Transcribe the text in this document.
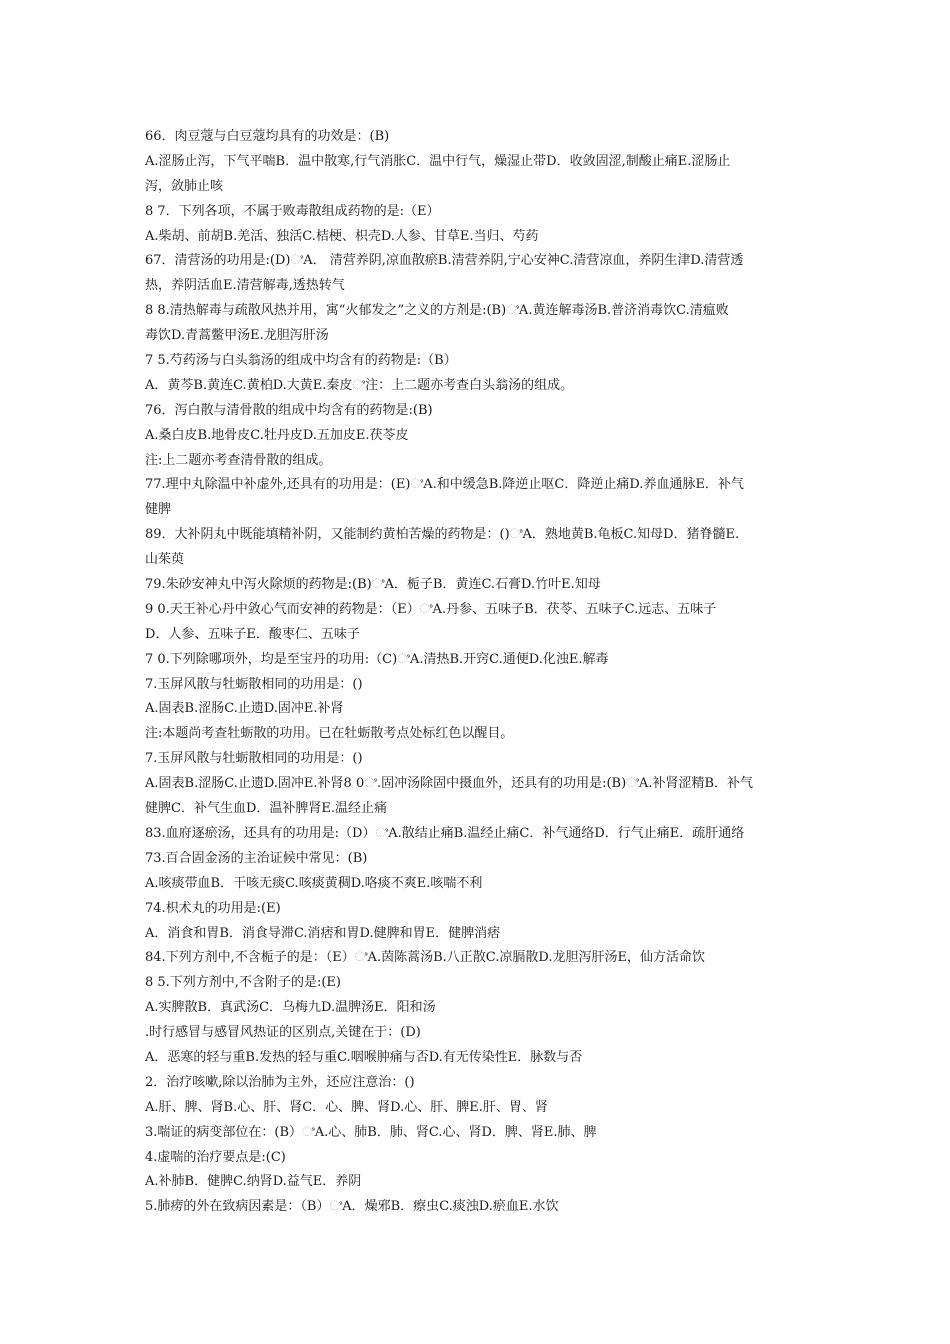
66．肉豆蔻与白豆蔻均具有的功效是：(B)
A.涩肠止泻，下气平喘B．温中散寒,行气消胀C．温中行气，燥湿止带D．收敛固涩,制酸止痛E.涩肠止
泻，敛肺止咳
8 7．下列各项，不属于败毒散组成药物的是:（E）
A.柴胡、前胡B.羌活、独活C.桔梗、枳壳D.人参、甘草E.当归、芍药
67．清营汤的功用是:(D)ಿA． 清营养阴,凉血散瘀B.清营养阴,宁心安神C.清营凉血，养阴生津D.清营透
热，养阴活血E.清营解毒,透热转气
8 8.清热解毒与疏散风热并用，寓“火郁发之”之义的方剂是:(B)ಿA.黄连解毒汤B.普济消毒饮C.清瘟败
毒饮D.青蒿鳖甲汤E.龙胆泻肝汤
7 5.芍药汤与白头翁汤的组成中均含有的药物是:（B）
A．黄芩B.黄连C.黄柏D.大黄E.秦皮ಿ注：上二题亦考查白头翁汤的组成。
76．泻白散与清骨散的组成中均含有的药物是:(B)
A.桑白皮B.地骨皮C.牡丹皮D.五加皮E.茯苓皮
注:上二题亦考查清骨散的组成。
77.理中丸除温中补虚外,还具有的功用是：(E)ಿA.和中缓急B.降逆止呕C．降逆止痛D.养血通脉E．补气
健脾
89．大补阴丸中既能填精补阴，又能制约黄柏苦燥的药物是：()ಿA．熟地黄B.龟板C.知母D．猪脊髓E.
山茱萸
79.朱砂安神丸中泻火除烦的药物是:(B)ಿA．栀子B．黄连C.石膏D.竹叶E.知母
9 0.天王补心丹中敛心气而安神的药物是：（E）ಿA.丹参、五味子B．茯苓、五味子C.远志、五味子
D．人参、五味子E．酸枣仁、五味子
7 0.下列除哪项外，均是至宝丹的功用:（C)ಿA.清热B.开窍C.通便D.化浊E.解毒
7.玉屏风散与牡蛎散相同的功用是：()
A.固表B.涩肠C.止遗D.固冲E.补肾
注:本题尚考查牡蛎散的功用。已在牡蛎散考点处标红色以醒目。
7.玉屏风散与牡蛎散相同的功用是：()
A.固表B.涩肠C.止遗D.固冲E.补肾8 0ಿ.固冲汤除固中摄血外，还具有的功用是:(B)ಿA.补肾涩精B．补气
健脾C．补气生血D．温补脾肾E.温经止痛
83.血府逐瘀汤，还具有的功用是:（D）ಿA.散结止痛B.温经止痛C．补气通络D．行气止痛E．疏肝通络
73.百合固金汤的主治证候中常见：(B)
A.咳痰带血B．干咳无痰C.咳痰黄稠D.咯痰不爽E.咳喘不利
74.枳术丸的功用是:(E)
A．消食和胃B．消食导滞C.消痞和胃D.健脾和胃E．健脾消痞
84.下列方剂中,不含栀子的是：（E）ಿA.茵陈蒿汤B.八正散C.凉膈散D.龙胆泻肝汤E，仙方活命饮
8 5.下列方剂中,不含附子的是:(E)
A.实脾散B．真武汤C．乌梅九D.温脾汤E．阳和汤
.时行感冒与感冒风热证的区别点,关键在于：(D)
A．恶寒的轻与重B.发热的轻与重C.咽喉肿痛与否D.有无传染性E．脉数与否
2．治疗咳嗽,除以治肺为主外，还应注意治：()
A.肝、脾、肾B.心、肝、肾C．心、脾、肾D.心、肝、脾E.肝、胃、肾
3.喘证的病变部位在：(B）ಿA.心、肺B．肺、肾C.心、肾D．脾、肾E.肺、脾
4.虚喘的治疗要点是:(C)
A.补肺B．健脾C.纳肾D.益气E．养阴
5.肺痨的外在致病因素是：（B）ಿA．燥邪B．瘵虫C.痰浊D.瘀血E.水饮
